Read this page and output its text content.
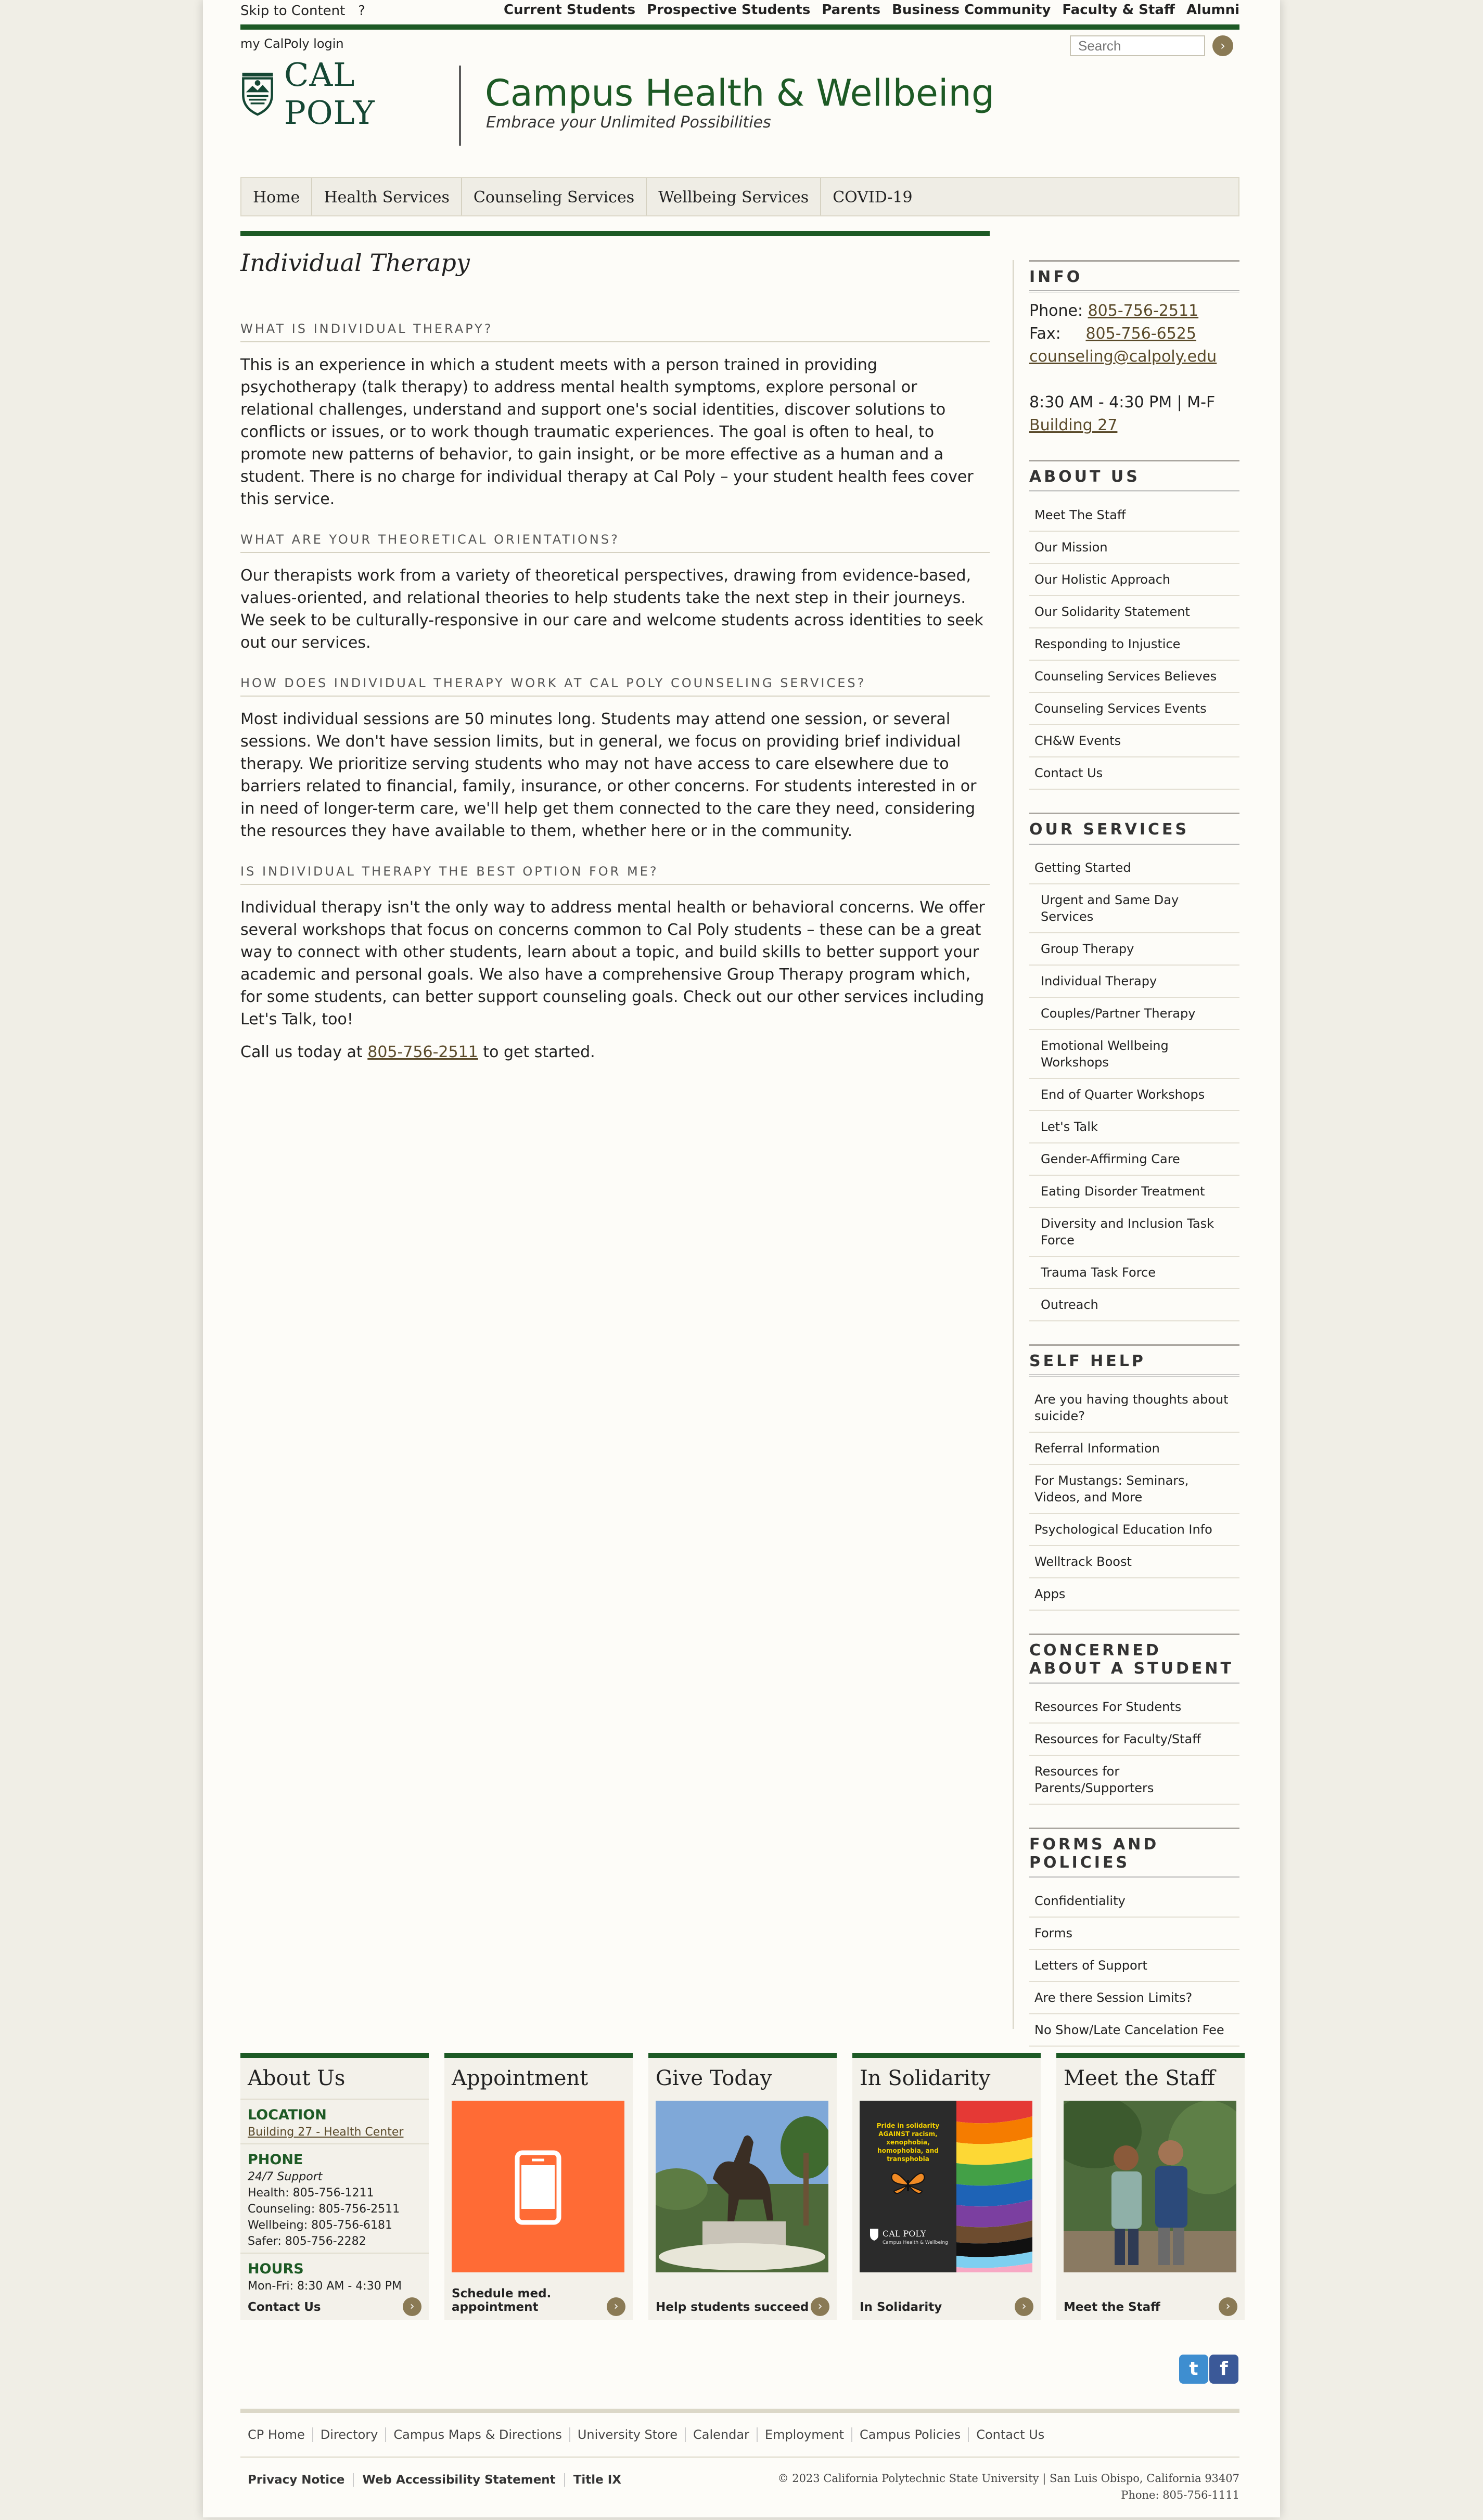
Skip to Content ?	Current Students Prospective Students Parents Business Community Faculty & Staff Alumni
my CalPoly login
Search	›
CAL POLY	Campus Health & Wellbeing
Embrace your Unlimited Possibilities
Home	Health Services	Counseling Services	Wellbeing Services	COVID-19
Individual Therapy
WHAT IS INDIVIDUAL THERAPY?

This is an experience in which a student meets with a person trained in providing psychotherapy (talk therapy) to address mental health symptoms, explore personal or relational challenges, understand and support one's social identities, discover solutions to conflicts or issues, or to work though traumatic experiences. The goal is often to heal, to promote new patterns of behavior, to gain insight, or be more effective as a human and a student. There is no charge for individual therapy at Cal Poly – your student health fees cover this service.

WHAT ARE YOUR THEORETICAL ORIENTATIONS?

Our therapists work from a variety of theoretical perspectives, drawing from evidence-based, values-oriented, and relational theories to help students take the next step in their journeys. We seek to be culturally-responsive in our care and welcome students across identities to seek out our services.

HOW DOES INDIVIDUAL THERAPY WORK AT CAL POLY COUNSELING SERVICES?

Most individual sessions are 50 minutes long. Students may attend one session, or several sessions. We don't have session limits, but in general, we focus on providing brief individual therapy. We prioritize serving students who may not have access to care elsewhere due to barriers related to financial, family, insurance, or other concerns. For students interested in or in need of longer-term care, we'll help get them connected to the care they need, considering the resources they have available to them, whether here or in the community.

IS INDIVIDUAL THERAPY THE BEST OPTION FOR ME?

Individual therapy isn't the only way to address mental health or behavioral concerns. We offer several workshops that focus on concerns common to Cal Poly students – these can be a great way to connect with other students, learn about a topic, and build skills to better support your academic and personal goals. We also have a comprehensive Group Therapy program which, for some students, can better support counseling goals. Check out our other services including Let's Talk, too!

Call us today at 805-756-2511 to get started.

INFO
Phone: 805-756-2511
Fax: 805-756-6525
counseling@calpoly.edu
8:30 AM - 4:30 PM | M-F
Building 27
ABOUT US
Meet The Staff
Our Mission
Our Holistic Approach
Our Solidarity Statement
Responding to Injustice
Counseling Services Believes
Counseling Services Events
CH&W Events
Contact Us
OUR SERVICES
Getting Started
Urgent and Same Day Services
Group Therapy
Individual Therapy
Couples/Partner Therapy
Emotional Wellbeing Workshops
End of Quarter Workshops
Let's Talk
Gender-Affirming Care
Eating Disorder Treatment
Diversity and Inclusion Task Force
Trauma Task Force
Outreach
SELF HELP
Are you having thoughts about suicide?
Referral Information
For Mustangs: Seminars, Videos, and More
Psychological Education Info
Welltrack Boost
Apps
CONCERNED ABOUT A STUDENT
Resources For Students
Resources for Faculty/Staff
Resources for Parents/Supporters
FORMS AND POLICIES
Confidentiality
Forms
Letters of Support
Are there Session Limits?
No Show/Late Cancelation Fee
About Us
LOCATION
Building 27 - Health Center
PHONE
24/7 Support
Health: 805-756-1211
Counseling: 805-756-2511
Wellbeing: 805-756-6181
Safer: 805-756-2282
HOURS
Mon-Fri: 8:30 AM - 4:30 PM
Contact Us	›
Appointment
Schedule med. appointment	›
Give Today
Help students succeed ›
In Solidarity
Pride in solidarity AGAINST racism, xenophobia, homophobia, and transphobia
CAL POLY
Campus Health & Wellbeing
In Solidarity	›
Meet the Staff
Meet the Staff	›
t	f
CP Home	Directory	Campus Maps & Directions	University Store	Calendar	Employment	Campus Policies	Contact Us
Privacy Notice	Web Accessibility Statement	Title IX	© 2023 California Polytechnic State University | San Luis Obispo, California 93407
Phone: 805-756-1111
